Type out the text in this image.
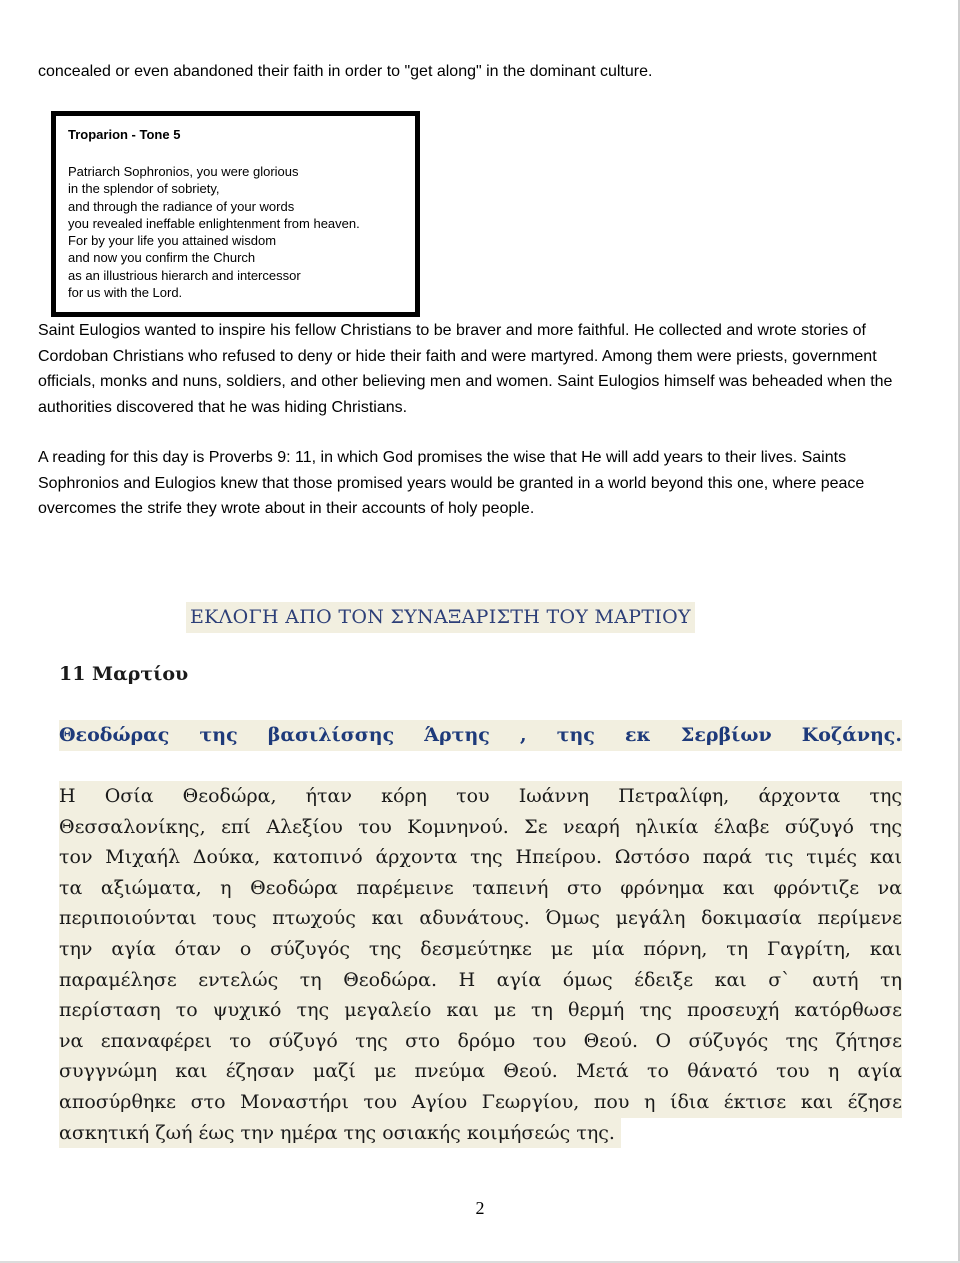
concealed or even abandoned their faith in order to "get along" in the dominant culture.

Troparion - Tone 5

Patriarch Sophronios, you were glorious
in the splendor of sobriety,
and through the radiance of your words
you revealed ineffable enlightenment from heaven.
For by your life you attained wisdom
and now you confirm the Church
as an illustrious hierarch and intercessor
for us with the Lord.

Saint Eulogios wanted to inspire his fellow Christians to be braver and more faithful. He collected and wrote stories of Cordoban Christians who refused to deny or hide their faith and were martyred. Among them were priests, government officials, monks and nuns, soldiers, and other believing men and women. Saint Eulogios himself was beheaded when the authorities discovered that he was hiding Christians.

A reading for this day is Proverbs 9: 11, in which God promises the wise that He will add years to their lives. Saints Sophronios and Eulogios knew that those promised years would be granted in a world beyond this one, where peace overcomes the strife they wrote about in their accounts of holy people.

ΕΚΛΟΓΗ ΑΠΟ ΤΟΝ ΣΥΝΑΞΑΡΙΣΤΗ ΤΟΥ ΜΑΡΤΙΟΥ
11 Μαρτίου

Θεοδώρας της βασιλίσσης Άρτης , της εκ Σερβίων Κοζάνης.

Η Οσία Θεοδώρα, ήταν κόρη του Ιωάννη Πετραλίφη, άρχοντα της
Θεσσαλονίκης, επί Αλεξίου του Κομνηνού. Σε νεαρή ηλικία έλαβε σύζυγό της
τον Μιχαήλ Δούκα, κατοπινό άρχοντα της Ηπείρου. Ωστόσο παρά τις τιμές και
τα αξιώματα, η Θεοδώρα παρέμεινε ταπεινή στο φρόνημα και φρόντιζε να
περιποιούνται τους πτωχούς και αδυνάτους. Όμως μεγάλη δοκιμασία περίμενε
την αγία όταν ο σύζυγός της δεσμεύτηκε με μία πόρνη, τη Γαγρίτη, και
παραμέλησε εντελώς τη Θεοδώρα. Η αγία όμως έδειξε και σ` αυτή τη
περίσταση το ψυχικό της μεγαλείο και με τη θερμή της προσευχή κατόρθωσε
να επαναφέρει το σύζυγό της στο δρόμο του Θεού. Ο σύζυγός της ζήτησε
συγγνώμη και έζησαν μαζί με πνεύμα Θεού. Μετά το θάνατό του η αγία
αποσύρθηκε στο Μοναστήρι του Αγίου Γεωργίου, που η ίδια έκτισε και έζησε
ασκητική ζωή έως την ημέρα της οσιακής κοιμήσεώς της.
2
